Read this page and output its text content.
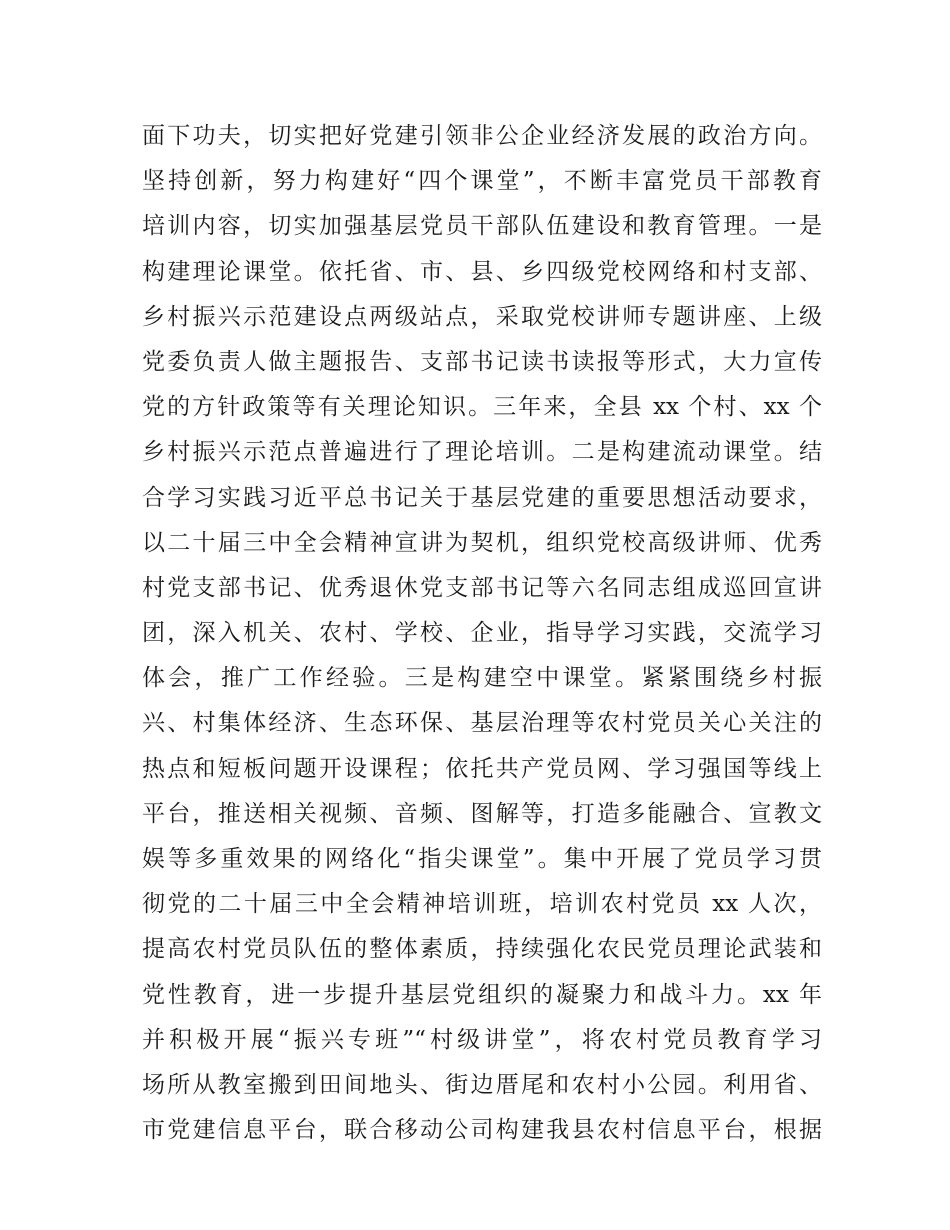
面下功夫，切实把好党建引领非公企业经济发展的政治方向。
坚持创新，努力构建好“四个课堂”，不断丰富党员干部教育
培训内容，切实加强基层党员干部队伍建设和教育管理。一是
构建理论课堂。依托省、市、县、乡四级党校网络和村支部、
乡村振兴示范建设点两级站点，采取党校讲师专题讲座、上级
党委负责人做主题报告、支部书记读书读报等形式，大力宣传
党的方针政策等有关理论知识。三年来，全县 xx 个村、xx 个
乡村振兴示范点普遍进行了理论培训。二是构建流动课堂。结
合学习实践习近平总书记关于基层党建的重要思想活动要求，
以二十届三中全会精神宣讲为契机，组织党校高级讲师、优秀
村党支部书记、优秀退休党支部书记等六名同志组成巡回宣讲
团，深入机关、农村、学校、企业，指导学习实践，交流学习
体会，推广工作经验。三是构建空中课堂。紧紧围绕乡村振
兴、村集体经济、生态环保、基层治理等农村党员关心关注的
热点和短板问题开设课程；依托共产党员网、学习强国等线上
平台，推送相关视频、音频、图解等，打造多能融合、宣教文
娱等多重效果的网络化“指尖课堂”。集中开展了党员学习贯
彻党的二十届三中全会精神培训班，培训农村党员 xx 人次，
提高农村党员队伍的整体素质，持续强化农民党员理论武装和
党性教育，进一步提升基层党组织的凝聚力和战斗力。xx 年
并积极开展“振兴专班”“村级讲堂”，将农村党员教育学习
场所从教室搬到田间地头、街边厝尾和农村小公园。利用省、
市党建信息平台，联合移动公司构建我县农村信息平台，根据
